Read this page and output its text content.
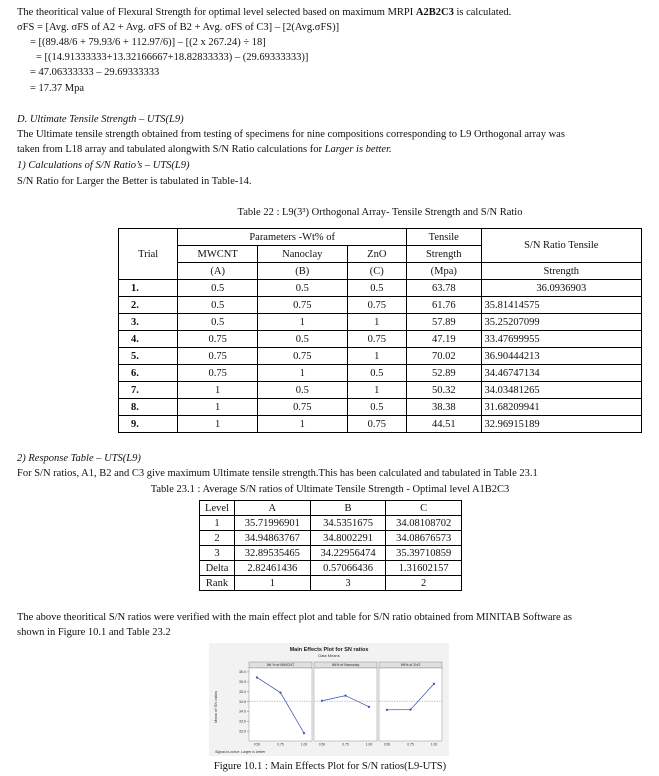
The theoritical value of Flexural Strength for optimal level selected based on maximum MRPI A2B2C3 is calculated.
σFS = [Avg. σFS of A2 + Avg. σFS of B2 + Avg. σFS of C3] – [2(Avg.σFS)]
= [(89.48/6 + 79.93/6 + 112.97/6)] – [(2 x 267.24) ÷ 18]
= [(14.91333333+13.32166667+18.82833333) – (29.69333333)]
= 47.06333333 – 29.69333333
= 17.37 Mpa
D. Ultimate Tensile Strength – UTS(L9)
The Ultimate tensile strength obtained from testing of specimens for nine compositions corresponding to L9 Orthogonal array was
taken from L18 array and tabulated alongwith S/N Ratio calculations for Larger is better.
1) Calculations of S/N Ratio’s – UTS(L9)
S/N Ratio for Larger the Better is tabulated in Table-14.
Table 22 : L9(3³) Orthogonal Array- Tensile Strength and S/N Ratio
Trial	Parameters -Wt% of			Tensile	S/N Ratio Tensile
	MWCNT	Nanoclay	ZnO	Strength	
	(A)	(B)	(C)	(Mpa)	Strength
1.	0.5	0.5	0.5	63.78	36.0936903
2.	0.5	0.75	0.75	61.76	35.81414575
3.	0.5	1	1	57.89	35.25207099
4.	0.75	0.5	0.75	47.19	33.47699955
5.	0.75	0.75	1	70.02	36.90444213
6.	0.75	1	0.5	52.89	34.46747134
7.	1	0.5	1	50.32	34.03481265
8.	1	0.75	0.5	38.38	31.68209941
9.	1	1	0.75	44.51	32.96915189
2) Response Table – UTS(L9)
For S/N ratios, A1, B2 and C3 give maximum Ultimate tensile strength.This has been calculated and tabulated in Table 23.1
Table 23.1 : Average S/N ratios of Ultimate Tensile Strength - Optimal level A1B2C3
Level	A	B	C
1	35.71996901	34.5351675	34.08108702
2	34.94863767	34.8002291	34.08676573
3	32.89535465	34.22956474	35.39710859
Delta	2.82461436	0.57066436	1.31602157
Rank	1	3	2
The above theoritical S/N ratios were verified with the main effect plot and table for S/N ratio obtained from MINITAB Software as
shown in Figure 10.1 and Table 23.2
Main Effects Plot for SN ratios
Data Means
Mean of SN ratios
Signal-to-noise: Larger is better
36.0
35.5
35.0
34.5
34.0
33.5
33.0
Wt % of MWCNT
0.50	0.75	1.00
Wt% of Nanoclay
0.50	0.75	1.00
Wt% of ZnO
0.50	0.75	1.00
Figure 10.1 : Main Effects Plot for S/N ratios(L9-UTS)
